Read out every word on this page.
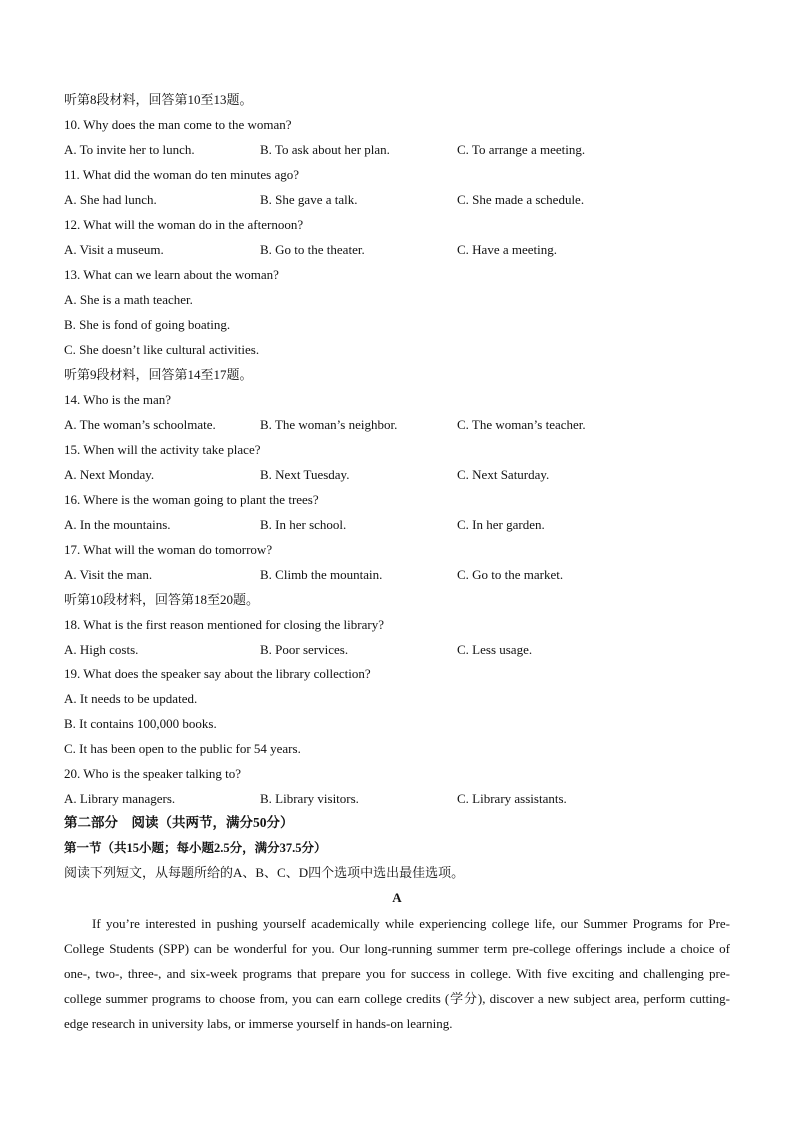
听第8段材料，回答第10至13题。
10. Why does the man come to the woman?
A. To invite her to lunch.	B. To ask about her plan.	C. To arrange a meeting.
11. What did the woman do ten minutes ago?
A. She had lunch.	B. She gave a talk.	C. She made a schedule.
12. What will the woman do in the afternoon?
A. Visit a museum.	B. Go to the theater.	C. Have a meeting.
13. What can we learn about the woman?
A. She is a math teacher.
B. She is fond of going boating.
C. She doesn’t like cultural activities.
听第9段材料，回答第14至17题。
14. Who is the man?
A. The woman’s schoolmate.	B. The woman’s neighbor.	C. The woman’s teacher.
15. When will the activity take place?
A. Next Monday.	B. Next Tuesday.	C. Next Saturday.
16. Where is the woman going to plant the trees?
A. In the mountains.	B. In her school.	C. In her garden.
17. What will the woman do tomorrow?
A. Visit the man.	B. Climb the mountain.	C. Go to the market.
听第10段材料，回答第18至20题。
18. What is the first reason mentioned for closing the library?
A. High costs.	B. Poor services.	C. Less usage.
19. What does the speaker say about the library collection?
A. It needs to be updated.
B. It contains 100,000 books.
C. It has been open to the public for 54 years.
20. Who is the speaker talking to?
A. Library managers.	B. Library visitors.	C. Library assistants.
第二部分　阅读（共两节，满分50分）
第一节（共15小题；每小题2.5分，满分37.5分）
阅读下列短文，从每题所给的A、B、C、D四个选项中选出最佳选项。
A
If you’re interested in pushing yourself academically while experiencing college life, our Summer Programs for Pre-College Students (SPP) can be wonderful for you. Our long-running summer term pre-college offerings include a choice of one-, two-, three-, and six-week programs that prepare you for success in college. With five exciting and challenging pre-college summer programs to choose from, you can earn college credits (学分), discover a new subject area, perform cutting-edge research in university labs, or immerse yourself in hands-on learning.
